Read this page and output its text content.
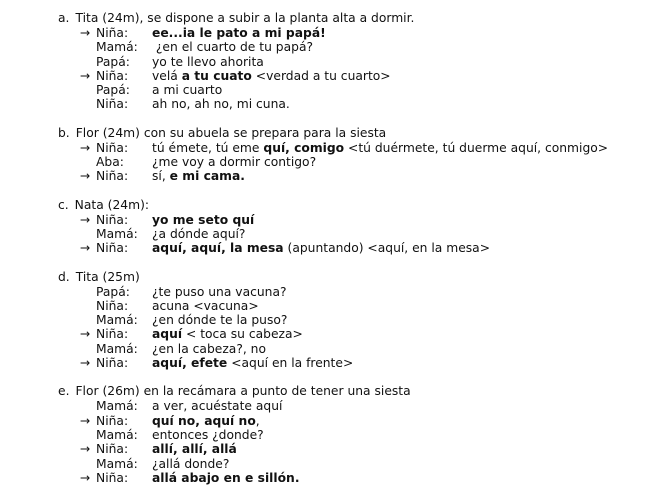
a. Tita (24m), se dispone a subir a la planta alta a dormir.
→ Niña: ee...ia le pato a mi papá!
Mamá: ¿en el cuarto de tu papá?
Papá: yo te llevo ahorita
→ Niña: velá a tu cuato <verdad a tu cuarto>
Papá: a mi cuarto
Niña: ah no, ah no, mi cuna.
b. Flor (24m) con su abuela se prepara para la siesta
→ Niña: tú émete, tú eme quí, comigo <tú duérmete, tú duerme aquí, conmigo>
Aba: ¿me voy a dormir contigo?
→ Niña: sí, e mi cama.
c. Nata (24m):
→ Niña: yo me seto quí
Mamá: ¿a dónde aquí?
→ Niña: aquí, aquí, la mesa (apuntando) <aquí, en la mesa>
d. Tita (25m)
Papá: ¿te puso una vacuna?
Niña: acuna <vacuna>
Mamá: ¿en dónde te la puso?
→ Niña: aquí < toca su cabeza>
Mamá: ¿en la cabeza?, no
→ Niña: aquí, efete <aquí en la frente>
e. Flor (26m) en la recámara a punto de tener una siesta
Mamá: a ver, acuéstate aquí
→ Niña: quí no, aquí no,
Mamá: entonces ¿donde?
→ Niña: allí, allí, allá
Mamá: ¿allá donde?
→ Niña: allá abajo en e sillón.
